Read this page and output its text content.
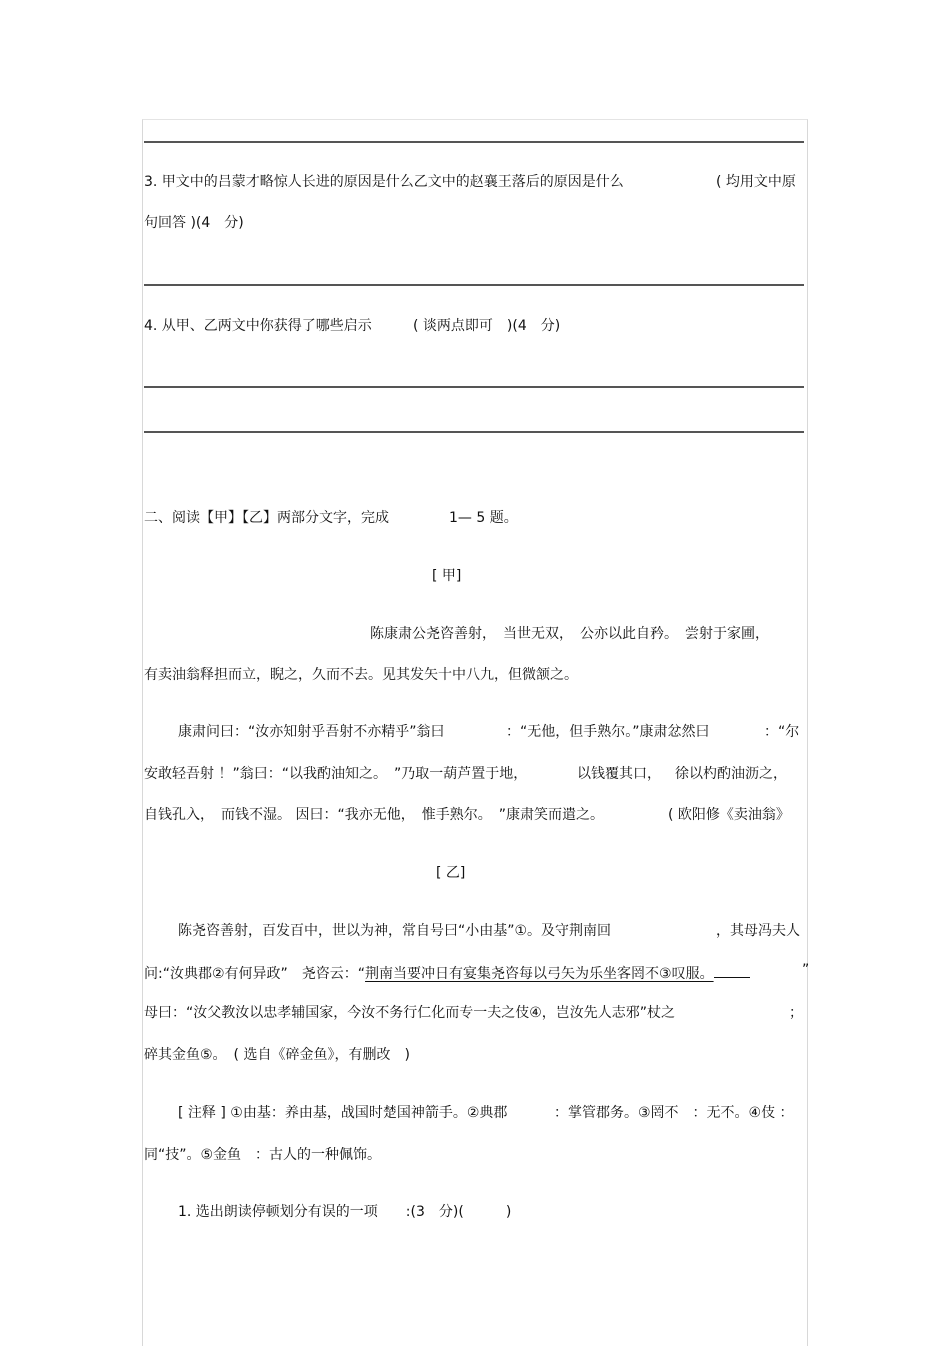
3. 甲文中的吕蒙才略惊人长进的原因是什么乙文中的赵襄王落后的原因是什么	( 均用文中原
句回答 )(4　分)
4. 从甲、乙两文中你获得了哪些启示	( 谈两点即可　)(4　分)
二、阅读【甲】【乙】两部分文字，完成	1— 5 题。
[ 甲]
陈康肃公尧咨善射，　当世无双，　公亦以此自矜。　尝射于家圃，
有卖油翁释担而立，睨之，久而不去。见其发矢十中八九，但微颔之。
康肃问曰：“汝亦知射乎吾射不亦精乎”翁曰	：“无他，但手熟尔。”康肃忿然曰	：“尔
安敢轻吾射 ！”翁曰：“以我酌油知之。　”乃取一葫芦置于地，	以钱覆其口， 徐以杓酌油沥之，
自钱孔入，　而钱不湿。 因曰：“我亦无他，　惟手熟尔。　”康肃笑而遣之。	( 欧阳修《卖油翁》
[ 乙]
陈尧咨善射，百发百中，世以为神，常自号曰“小由基”①。及守荆南回	，其母冯夫人
问:“汝典郡②有何异政”　尧咨云：“荆南当要冲日有宴集尧咨每以弓矢为乐坐客罔不③叹服。	”
母曰：“汝父教汝以忠孝辅国家，今汝不务行仁化而专一夫之伎④，岂汝先人志邪”杖之	；
碎其金鱼⑤。　( 选自《碎金鱼》，有删改　)
[ 注释 ] ①由基：养由基，战国时楚国神箭手。②典郡	：掌管郡务。③罔不　：无不。④伎 ：
同“技”。⑤金鱼　：古人的一种佩饰。
1. 选出朗读停顿划分有误的一项　　:(3　分)(　　　)
